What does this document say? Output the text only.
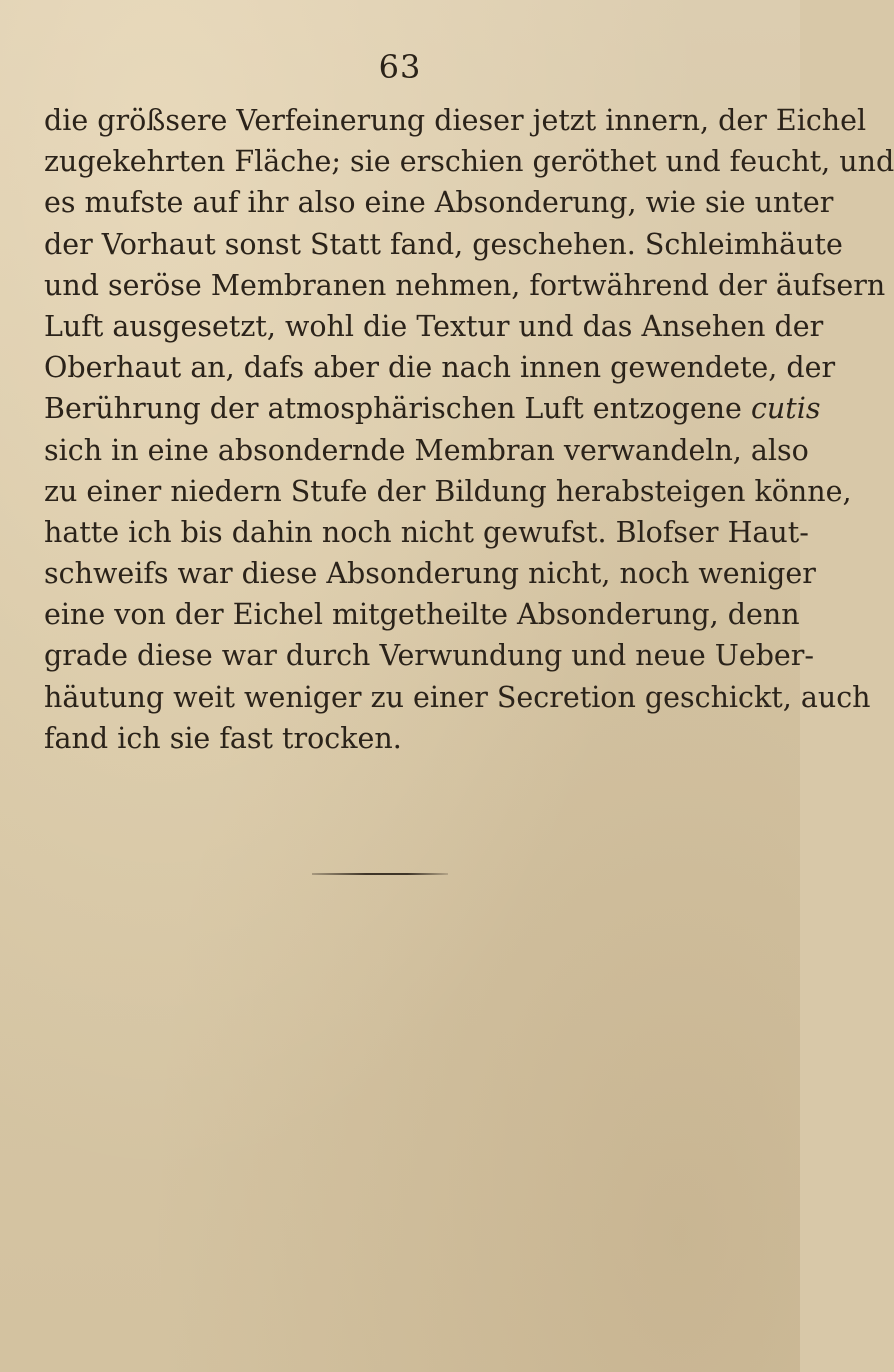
63
die größsere Verfeinerung dieser jetzt innern, der Eichel
zugekehrten Fläche; sie erschien geröthet und feucht, und
es mufste auf ihr also eine Absonderung, wie sie unter
der Vorhaut sonst Statt fand, geschehen. Schleimhäute
und seröse Membranen nehmen, fortwährend der äufsern
Luft ausgesetzt, wohl die Textur und das Ansehen der
Oberhaut an, dafs aber die nach innen gewendete, der
Berührung der atmosphärischen Luft entzogene cutis
sich in eine absondernde Membran verwandeln, also
zu einer niedern Stufe der Bildung herabsteigen könne,
hatte ich bis dahin noch nicht gewufst. Blofser Haut-
schweifs war diese Absonderung nicht, noch weniger
eine von der Eichel mitgetheilte Absonderung, denn
grade diese war durch Verwundung und neue Ueber-
häutung weit weniger zu einer Secretion geschickt, auch
fand ich sie fast trocken.
